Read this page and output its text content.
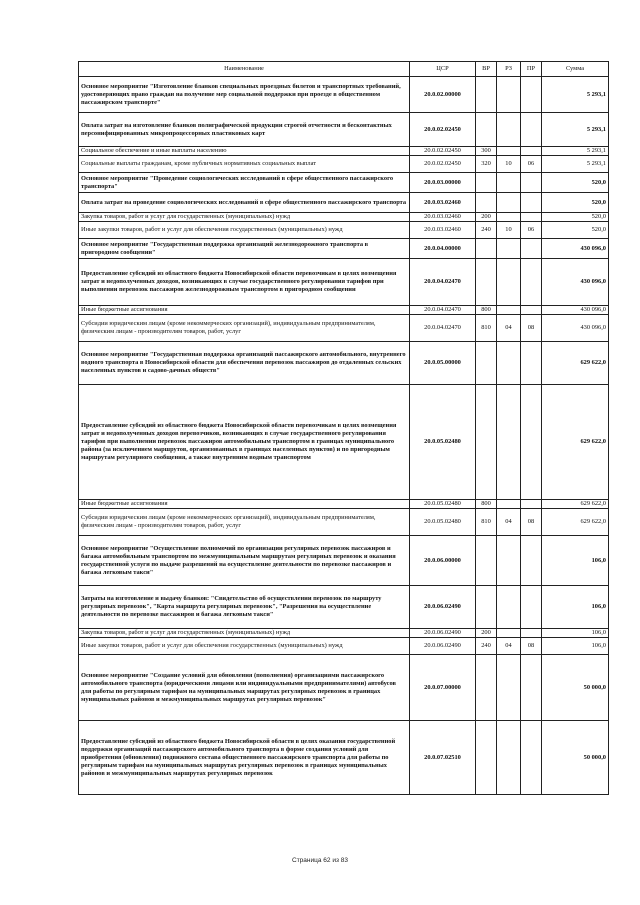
Наименование	ЦСР	ВР	РЗ	ПР	Сумма
Основное мероприятие "Изготовление бланков специальных проездных билетов и транспортных требований, удостоверяющих право граждан на получение мер социальной поддержки при проезде в общественном пассажирском транспорте"	20.0.02.00000				5 293,1
Оплата затрат на изготовление бланков полиграфической продукции строгой отчетности и бесконтактных персонифицированных микропроцессорных пластиковых карт	20.0.02.02450				5 293,1
Социальное обеспечение и иные выплаты населению	20.0.02.02450	300			5 293,1
Социальные выплаты гражданам, кроме публичных нормативных социальных выплат	20.0.02.02450	320	10	06	5 293,1
Основное мероприятие "Проведение социологических исследований в сфере общественного пассажирского транспорта"	20.0.03.00000				520,0
Оплата затрат на проведение социологических исследований в сфере общественного пассажирского транспорта	20.0.03.02460				520,0
Закупка товаров, работ и услуг для государственных (муниципальных) нужд	20.0.03.02460	200			520,0
Иные закупки товаров, работ и услуг для обеспечения государственных (муниципальных) нужд	20.0.03.02460	240	10	06	520,0
Основное мероприятие "Государственная поддержка организаций железнодорожного транспорта в пригородном сообщении"	20.0.04.00000				430 096,0
Предоставление субсидий из областного бюджета Новосибирской области перевозчикам в целях возмещения затрат и недополученных доходов, возникающих в случае государственного регулирования тарифов при выполнении перевозок пассажиров железнодорожным транспортом в пригородном сообщении	20.0.04.02470				430 096,0
Иные бюджетные ассигнования	20.0.04.02470	800			430 096,0
Субсидии юридическим лицам (кроме некоммерческих организаций), индивидуальным предпринимателям, физическим лицам - производителям товаров, работ, услуг	20.0.04.02470	810	04	08	430 096,0
Основное мероприятие "Государственная поддержка организаций пассажирского автомобильного, внутреннего водного транспорта в Новосибирской области для обеспечения перевозок пассажиров до отдаленных сельских населенных пунктов и садово-дачных обществ"	20.0.05.00000				629 622,0
Предоставление субсидий из областного бюджета Новосибирской области перевозчикам в целях возмещения затрат и недополученных доходов перевозчиков, возникающих в случае государственного регулирования тарифов при выполнении перевозок пассажиров автомобильным транспортом в границах муниципального района (за исключением маршрутов, организованных в границах населенных пунктов) и по пригородным маршрутам регулярного сообщения, а также внутренним водным транспортом	20.0.05.02480				629 622,0
Иные бюджетные ассигнования	20.0.05.02480	800			629 622,0
Субсидии юридическим лицам (кроме некоммерческих организаций), индивидуальным предпринимателям, физическим лицам - производителям товаров, работ, услуг	20.0.05.02480	810	04	08	629 622,0
Основное мероприятие "Осуществление полномочий по организации регулярных перевозок пассажиров и багажа автомобильным транспортом по межмуниципальным маршрутам регулярных перевозок и оказания государственной услуги по выдаче разрешений на осуществление деятельности по перевозке пассажиров и багажа легковым такси"	20.0.06.00000				106,0
Затраты на изготовление и выдачу бланков: "Свидетельство об осуществлении перевозок по маршруту регулярных перевозок", "Карта маршрута регулярных перевозок", "Разрешения на осуществление деятельности по перевозке пассажиров и багажа легковым такси"	20.0.06.02490				106,0
Закупка товаров, работ и услуг для государственных (муниципальных) нужд	20.0.06.02490	200			106,0
Иные закупки товаров, работ и услуг для обеспечения государственных (муниципальных) нужд	20.0.06.02490	240	04	08	106,0
Основное мероприятие "Создание условий для обновления (пополнения) организациями пассажирского автомобильного транспорта (юридическими лицами или индивидуальными предпринимателями) автобусов для работы по регулярным тарифам на муниципальных маршрутах регулярных перевозок в границах муниципальных районов и межмуниципальных маршрутах регулярных перевозок"	20.0.07.00000				50 000,0
Предоставление субсидий из областного бюджета Новосибирской области в целях оказания государственной поддержки организаций пассажирского автомобильного транспорта в форме создания условий для приобретения (обновления) подвижного состава общественного пассажирского транспорта для работы по регулярным тарифам на муниципальных маршрутах регулярных перевозок в границах муниципальных районов и межмуниципальных маршрутах регулярных перевозок	20.0.07.02510				50 000,0
Страница 62 из 83
